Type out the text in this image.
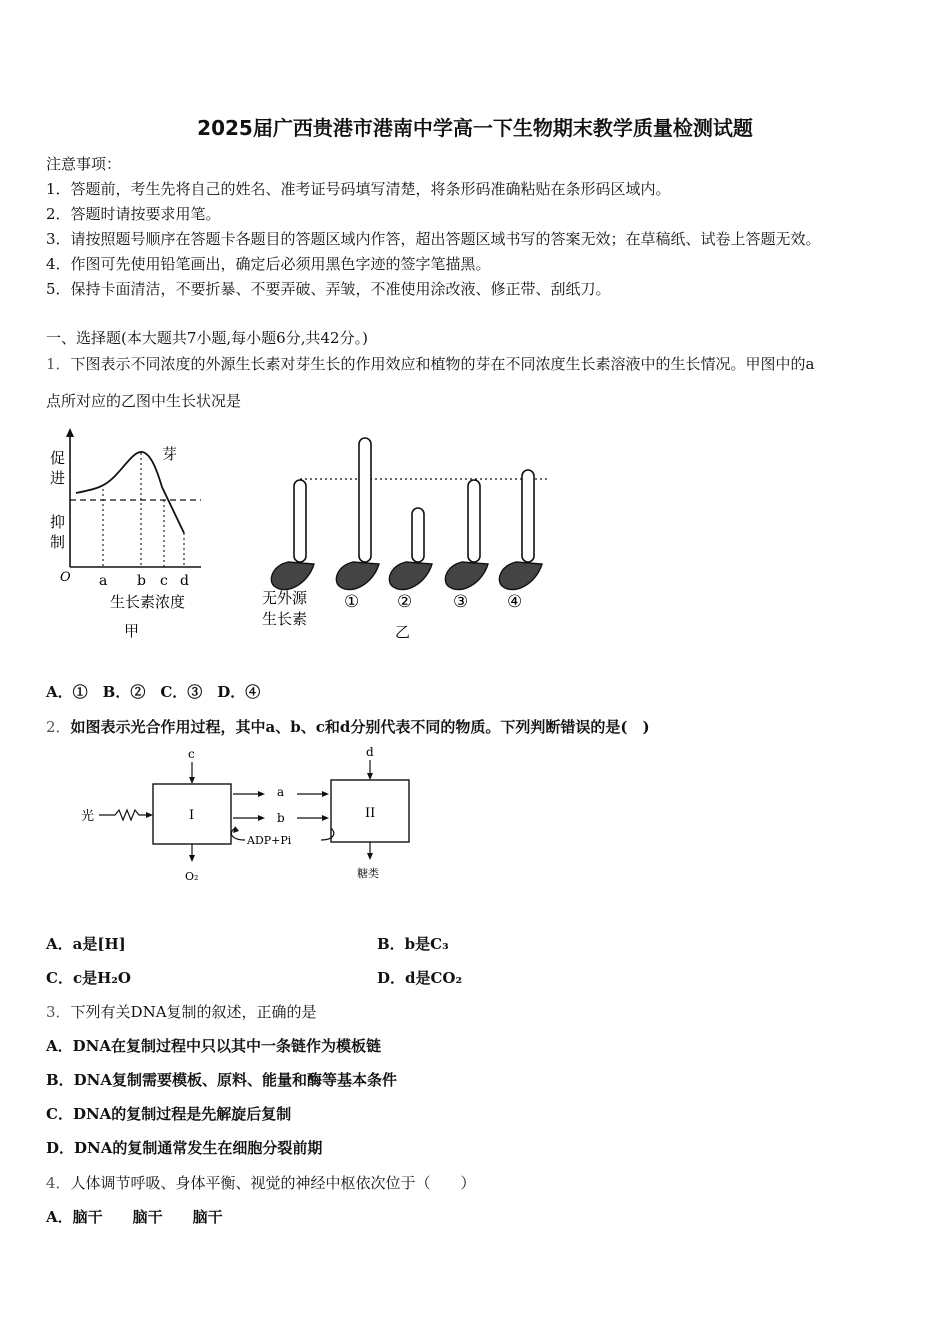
2025届广西贵港市港南中学高一下生物期末教学质量检测试题
注意事项：
1．答题前，考生先将自己的姓名、准考证号码填写清楚，将条形码准确粘贴在条形码区域内。
2．答题时请按要求用笔。
3．请按照题号顺序在答题卡各题目的答题区域内作答，超出答题区域书写的答案无效；在草稿纸、试卷上答题无效。
4．作图可先使用铅笔画出，确定后必须用黑色字迹的签字笔描黑。
5．保持卡面清洁，不要折暴、不要弄破、弄皱，不准使用涂改液、修正带、刮纸刀。
一、选择题(本大题共7小题,每小题6分,共42分。)
1．下图表示不同浓度的外源生长素对芽生长的作用效应和植物的芽在不同浓度生长素溶液中的生长情况。甲图中的a
点所对应的乙图中生长状况是
促
进
抑
制
O
芽
a b c d
生长素浓度
甲
无外源
生长素
① ② ③ ④
乙
A．①　B．②　C．③　D．④
2．如图表示光合作用过程，其中a、b、c和d分别代表不同的物质。下列判断错误的是(　)
I	II
光
c	d
a
b
ADP+Pi
O₂	糖类
A．a是[H]	B．b是C₃
C．c是H₂O	D．d是CO₂
3．下列有关DNA复制的叙述，正确的是
A．DNA在复制过程中只以其中一条链作为模板链
B．DNA复制需要模板、原料、能量和酶等基本条件
C．DNA的复制过程是先解旋后复制
D．DNA的复制通常发生在细胞分裂前期
4．人体调节呼吸、身体平衡、视觉的神经中枢依次位于（　　）
A．脑干　　脑干　　脑干
